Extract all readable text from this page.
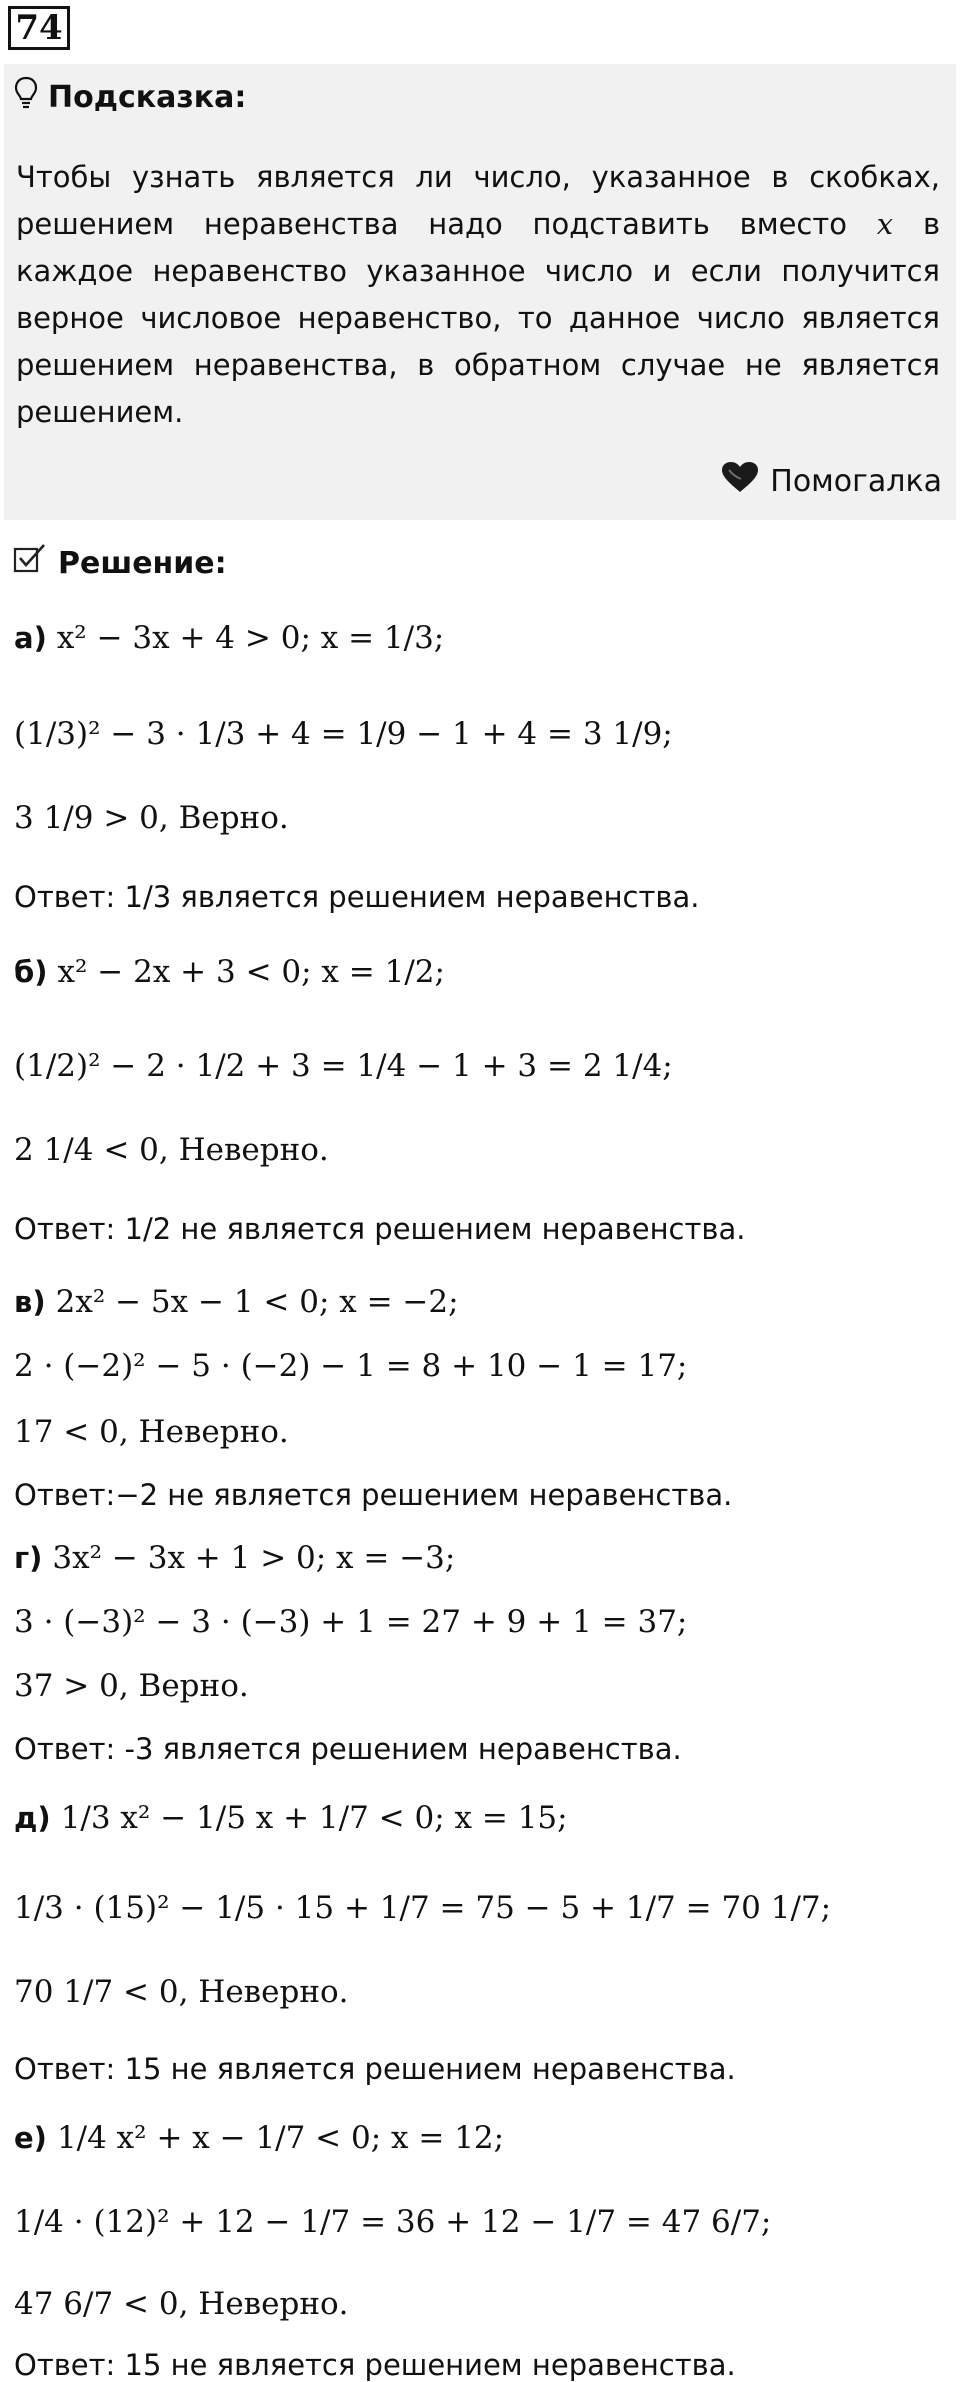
74
Подсказка:
Чтобы узнать является ли число, указанное в скобках, решением неравенства надо подставить вместо x в каждое неравенство указанное число и если получится верное числовое неравенство, то данное число является решением неравенства, в обратном случае не является решением.
Помогалка
Решение:
а) x² − 3x + 4 > 0; x = 1/3;
(1/3)² − 3 · 1/3 + 4 = 1/9 − 1 + 4 = 3 1/9;
3 1/9 > 0, Верно.
Ответ: 1/3 является решением неравенства.
б) x² − 2x + 3 < 0; x = 1/2;
(1/2)² − 2 · 1/2 + 3 = 1/4 − 1 + 3 = 2 1/4;
2 1/4 < 0, Неверно.
Ответ: 1/2 не является решением неравенства.
в) 2x² − 5x − 1 < 0; x = −2;
2 · (−2)² − 5 · (−2) − 1 = 8 + 10 − 1 = 17;
17 < 0, Неверно.
Ответ:−2 не является решением неравенства.
г) 3x² − 3x + 1 > 0; x = −3;
3 · (−3)² − 3 · (−3) + 1 = 27 + 9 + 1 = 37;
37 > 0, Верно.
Ответ: -3 является решением неравенства.
д) 1/3 x² − 1/5 x + 1/7 < 0; x = 15;
1/3 · (15)² − 1/5 · 15 + 1/7 = 75 − 5 + 1/7 = 70 1/7;
70 1/7 < 0, Неверно.
Ответ: 15 не является решением неравенства.
е) 1/4 x² + x − 1/7 < 0; x = 12;
1/4 · (12)² + 12 − 1/7 = 36 + 12 − 1/7 = 47 6/7;
47 6/7 < 0, Неверно.
Ответ: 15 не является решением неравенства.
